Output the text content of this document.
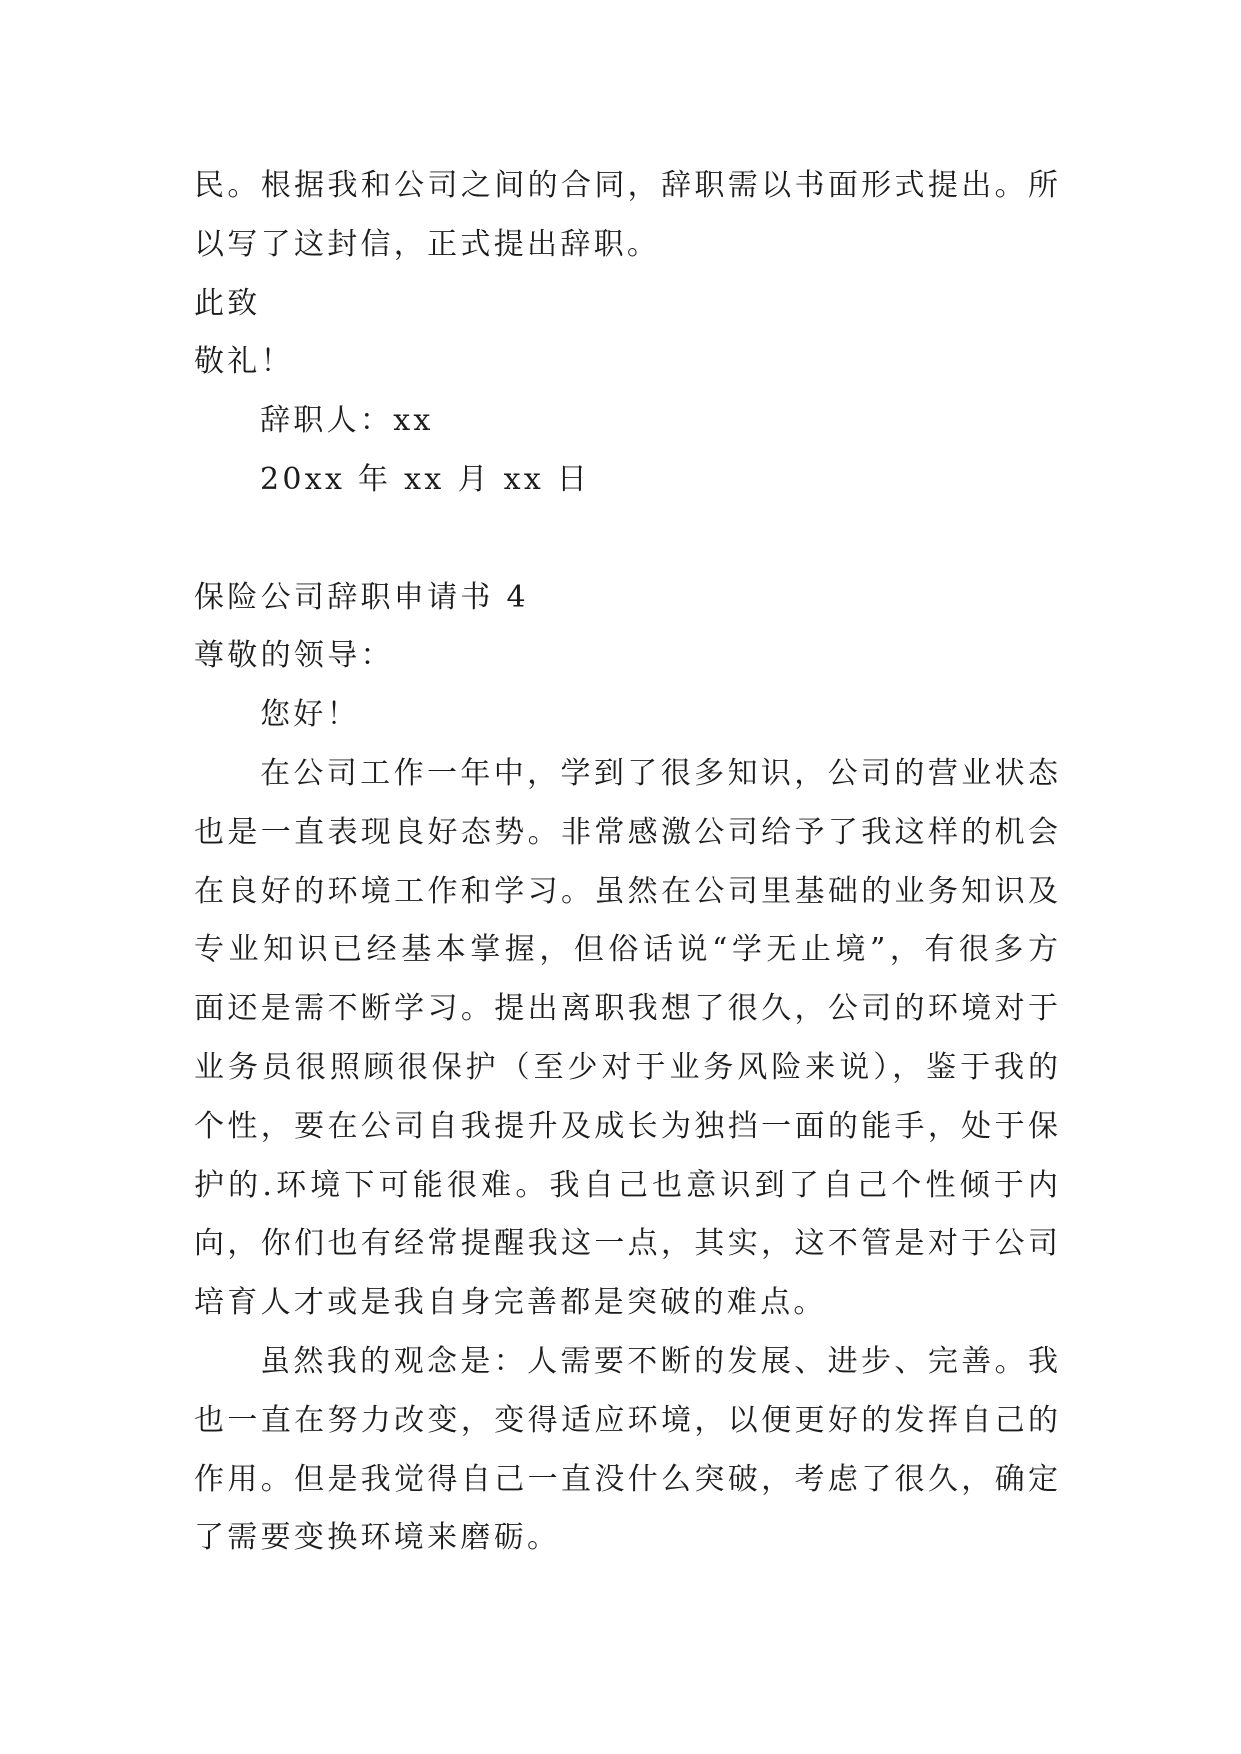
民。根据我和公司之间的合同，辞职需以书面形式提出。所
以写了这封信，正式提出辞职。
此致
敬礼！
辞职人：xx
20xx 年 xx 月 xx 日
保险公司辞职申请书 4
尊敬的领导：
您好！
在公司工作一年中，学到了很多知识，公司的营业状态
也是一直表现良好态势。非常感激公司给予了我这样的机会
在良好的环境工作和学习。虽然在公司里基础的业务知识及
专业知识已经基本掌握，但俗话说“学无止境”，有很多方
面还是需不断学习。提出离职我想了很久，公司的环境对于
业务员很照顾很保护（至少对于业务风险来说），鉴于我的
个性，要在公司自我提升及成长为独挡一面的能手，处于保
护的.环境下可能很难。我自己也意识到了自己个性倾于内
向，你们也有经常提醒我这一点，其实，这不管是对于公司
培育人才或是我自身完善都是突破的难点。
虽然我的观念是：人需要不断的发展、进步、完善。我
也一直在努力改变，变得适应环境，以便更好的发挥自己的
作用。但是我觉得自己一直没什么突破，考虑了很久，确定
了需要变换环境来磨砺。
